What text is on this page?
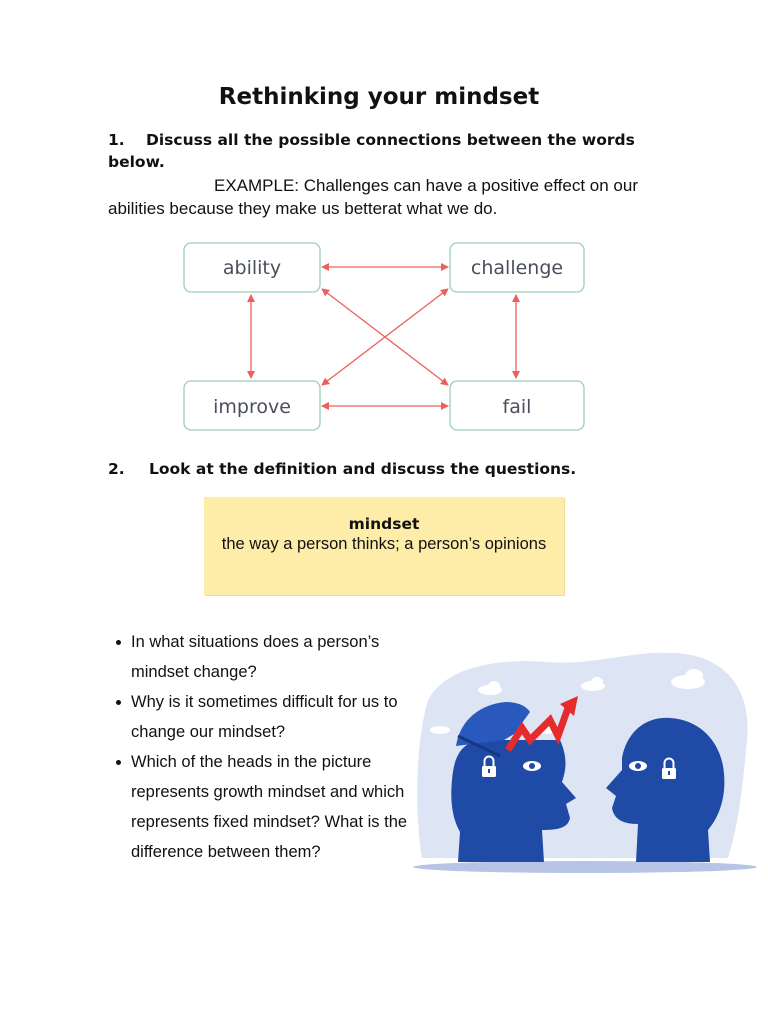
Rethinking your mindset
1. Discuss all the possible connections between the words below.
EXAMPLE: Challenges can have a positive effect on our
abilities because they make us betterat what we do.
ability	challenge
improve	fail
2. Look at the definition and discuss the questions.
mindset
the way a person thinks; a person’s opinions
In what situations does a person’s mindset change?
Why is it sometimes difficult for us to change our mindset?
Which of the heads in the picture represents growth mindset and which represents fixed mindset? What is the difference between them?
